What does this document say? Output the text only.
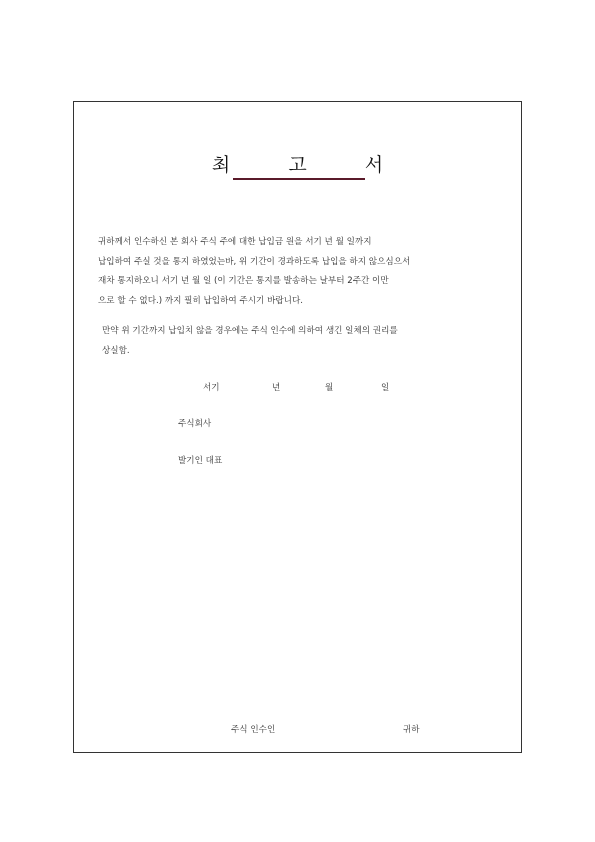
최 고 서

귀하께서 인수하신 본 회사 주식 주에 대한 납입금 원을 서기 년 월 일까지

납입하여 주실 것을 통지 하였었는바, 위 기간이 경과하도록 납입을 하지 않으심으서

재차 통지하오니 서기 년 월 일 (이 기간은 통지를 발송하는 날부터 2주간 이만

으로 할 수 없다.) 까지 필히 납입하여 주시기 바랍니다.

만약 위 기간까지 납입치 않을 경우에는 주식 인수에 의하여 생긴 일체의 권리를

상실함.

서기	년	월	일
주식회사
발기인 대표
주식 인수인	귀하
